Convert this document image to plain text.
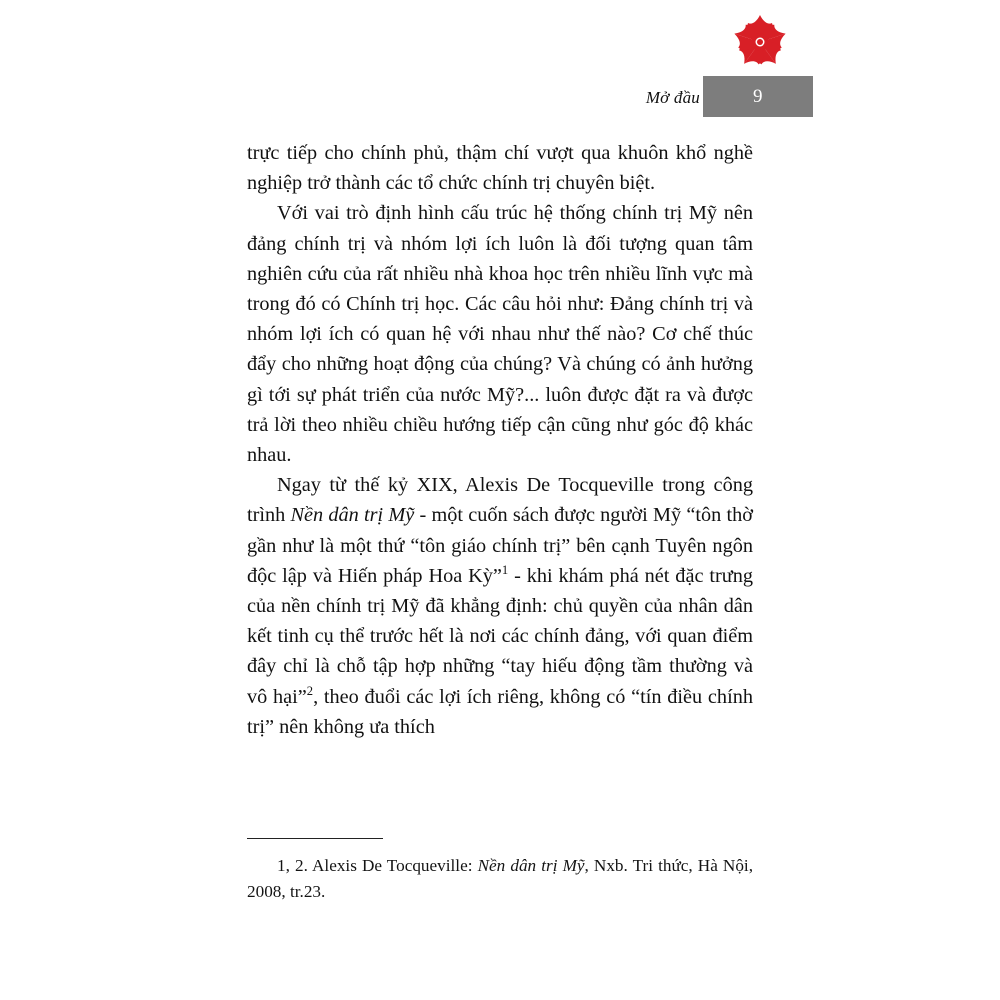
Mở đầu	9

trực tiếp cho chính phủ, thậm chí vượt qua khuôn khổ nghề nghiệp trở thành các tổ chức chính trị chuyên biệt.

Với vai trò định hình cấu trúc hệ thống chính trị Mỹ nên đảng chính trị và nhóm lợi ích luôn là đối tượng quan tâm nghiên cứu của rất nhiều nhà khoa học trên nhiều lĩnh vực mà trong đó có Chính trị học. Các câu hỏi như: Đảng chính trị và nhóm lợi ích có quan hệ với nhau như thế nào? Cơ chế thúc đẩy cho những hoạt động của chúng? Và chúng có ảnh hưởng gì tới sự phát triển của nước Mỹ?... luôn được đặt ra và được trả lời theo nhiều chiều hướng tiếp cận cũng như góc độ khác nhau.

Ngay từ thế kỷ XIX, Alexis De Tocqueville trong công trình Nền dân trị Mỹ - một cuốn sách được người Mỹ “tôn thờ gần như là một thứ “tôn giáo chính trị” bên cạnh Tuyên ngôn độc lập và Hiến pháp Hoa Kỳ”$^1$ - khi khám phá nét đặc trưng của nền chính trị Mỹ đã khẳng định: chủ quyền của nhân dân kết tinh cụ thể trước hết là nơi các chính đảng, với quan điểm đây chỉ là chỗ tập hợp những “tay hiếu động tầm thường và vô hại”$^2$, theo đuổi các lợi ích riêng, không có “tín điều chính trị” nên không ưa thích

1, 2. Alexis De Tocqueville: Nền dân trị Mỹ, Nxb. Tri thức, Hà Nội, 2008, tr.23.
